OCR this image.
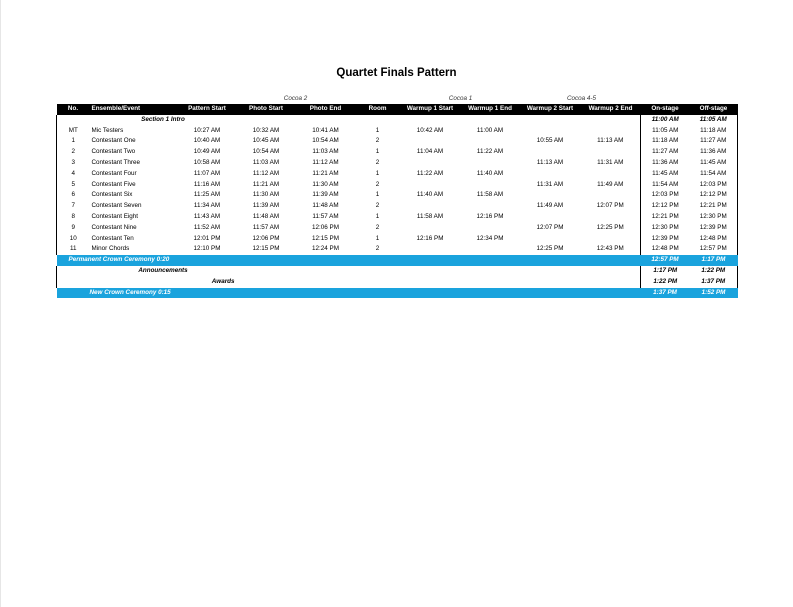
Quartet Finals Pattern
Cocoa 2	Cocoa 1	Cocoa 4-5
No.	Ensemble/Event	Pattern Start	Photo Start	Photo End	Room	Warmup 1 Start	Warmup 1 End	Warmup 2 Start	Warmup 2 End	On-stage	Off-stage
	Section 1 Intro									11:00 AM	11:05 AM
MT	Mic Testers	10:27 AM	10:32 AM	10:41 AM	1	10:42 AM	11:00 AM			11:05 AM	11:18 AM
1	Contestant One	10:40 AM	10:45 AM	10:54 AM	2			10:55 AM	11:13 AM	11:18 AM	11:27 AM
2	Contestant Two	10:49 AM	10:54 AM	11:03 AM	1	11:04 AM	11:22 AM			11:27 AM	11:36 AM
3	Contestant Three	10:58 AM	11:03 AM	11:12 AM	2			11:13 AM	11:31 AM	11:36 AM	11:45 AM
4	Contestant Four	11:07 AM	11:12 AM	11:21 AM	1	11:22 AM	11:40 AM			11:45 AM	11:54 AM
5	Contestant Five	11:16 AM	11:21 AM	11:30 AM	2			11:31 AM	11:49 AM	11:54 AM	12:03 PM
6	Contestant Six	11:25 AM	11:30 AM	11:39 AM	1	11:40 AM	11:58 AM			12:03 PM	12:12 PM
7	Contestant Seven	11:34 AM	11:39 AM	11:48 AM	2			11:49 AM	12:07 PM	12:12 PM	12:21 PM
8	Contestant Eight	11:43 AM	11:48 AM	11:57 AM	1	11:58 AM	12:16 PM			12:21 PM	12:30 PM
9	Contestant Nine	11:52 AM	11:57 AM	12:06 PM	2			12:07 PM	12:25 PM	12:30 PM	12:39 PM
10	Contestant Ten	12:01 PM	12:06 PM	12:15 PM	1	12:16 PM	12:34 PM			12:39 PM	12:48 PM
11	Minor Chords	12:10 PM	12:15 PM	12:24 PM	2			12:25 PM	12:43 PM	12:48 PM	12:57 PM
Permanent Crown Ceremony 0:20										12:57 PM	1:17 PM
	Announcements									1:17 PM	1:22 PM
	Awards									1:22 PM	1:37 PM
New Crown Ceremony 0:15										1:37 PM	1:52 PM
